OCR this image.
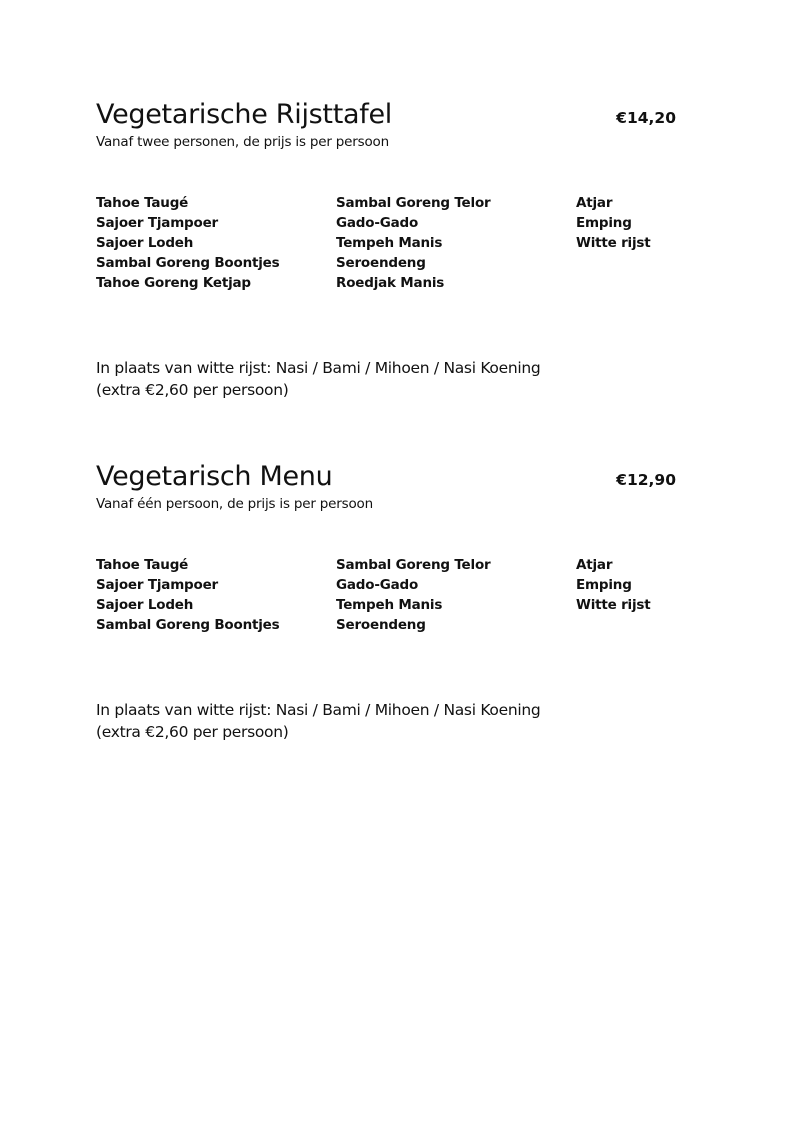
Vegetarische Rijsttafel	€14,20
Vanaf twee personen, de prijs is per persoon
Tahoe Taugé
Sajoer Tjampoer
Sajoer Lodeh
Sambal Goreng Boontjes
Tahoe Goreng Ketjap
Sambal Goreng Telor
Gado-Gado
Tempeh Manis
Seroendeng
Roedjak Manis
Atjar
Emping
Witte rijst
In plaats van witte rijst: Nasi / Bami / Mihoen / Nasi Koening
(extra €2,60 per persoon)
Vegetarisch Menu	€12,90
Vanaf één persoon, de prijs is per persoon
Tahoe Taugé
Sajoer Tjampoer
Sajoer Lodeh
Sambal Goreng Boontjes
Sambal Goreng Telor
Gado-Gado
Tempeh Manis
Seroendeng
Atjar
Emping
Witte rijst
In plaats van witte rijst: Nasi / Bami / Mihoen / Nasi Koening
(extra €2,60 per persoon)
